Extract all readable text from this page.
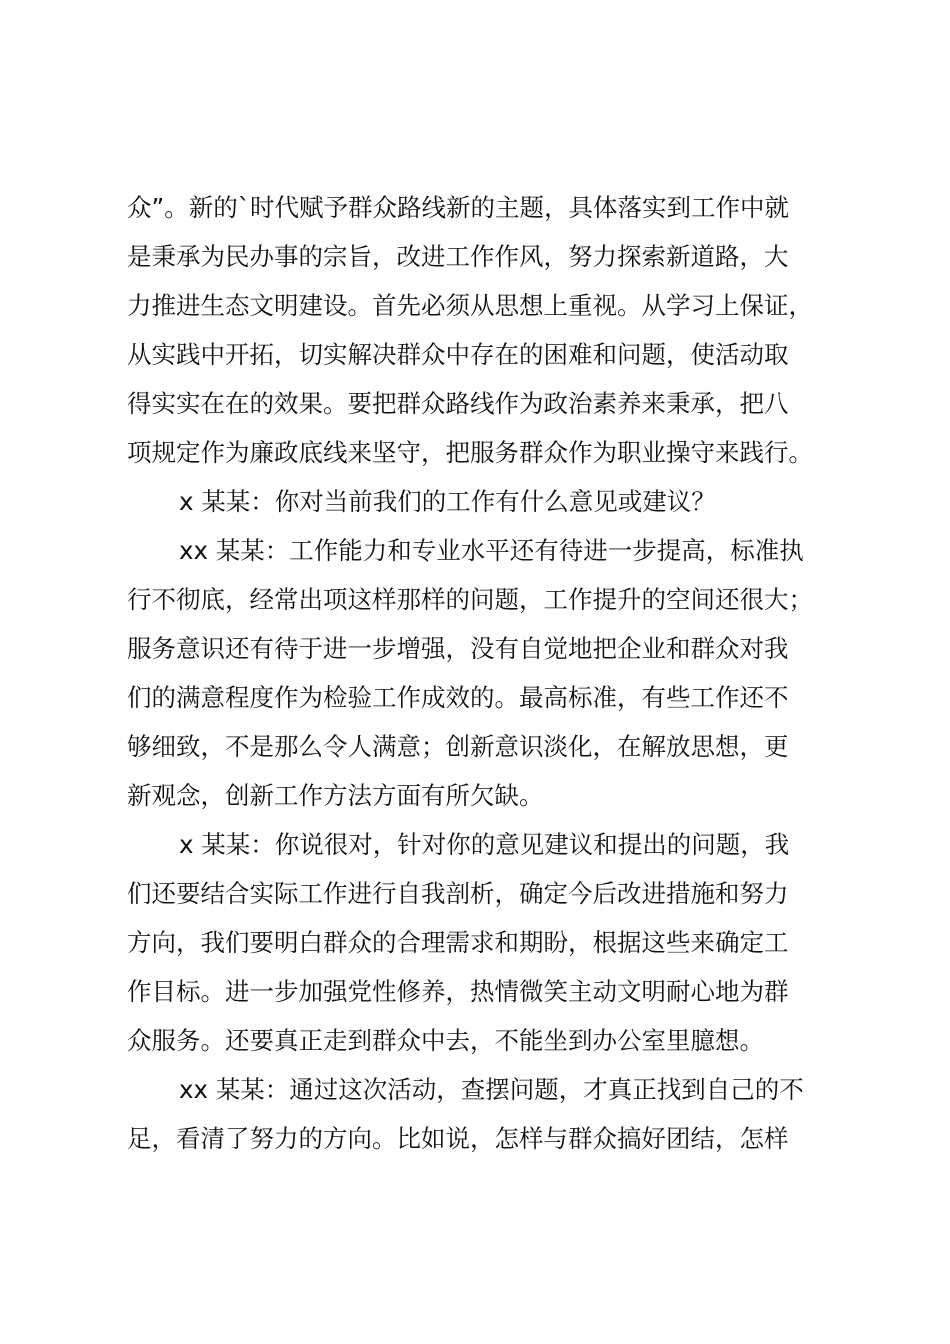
众”。新的`时代赋予群众路线新的主题，具体落实到工作中就
是秉承为民办事的宗旨，改进工作作风，努力探索新道路，大
力推进生态文明建设。首先必须从思想上重视。从学习上保证，
从实践中开拓，切实解决群众中存在的困难和问题，使活动取
得实实在在的效果。要把群众路线作为政治素养来秉承，把八
项规定作为廉政底线来坚守，把服务群众作为职业操守来践行。
x 某某：你对当前我们的工作有什么意见或建议？
xx 某某：工作能力和专业水平还有待进一步提高，标准执
行不彻底，经常出项这样那样的问题，工作提升的空间还很大；
服务意识还有待于进一步增强，没有自觉地把企业和群众对我
们的满意程度作为检验工作成效的。最高标准，有些工作还不
够细致，不是那么令人满意；创新意识淡化，在解放思想，更
新观念，创新工作方法方面有所欠缺。
x 某某：你说很对，针对你的意见建议和提出的问题，我
们还要结合实际工作进行自我剖析，确定今后改进措施和努力
方向，我们要明白群众的合理需求和期盼，根据这些来确定工
作目标。进一步加强党性修养，热情微笑主动文明耐心地为群
众服务。还要真正走到群众中去，不能坐到办公室里臆想。
xx 某某：通过这次活动，查摆问题，才真正找到自己的不
足，看清了努力的方向。比如说，怎样与群众搞好团结，怎样
